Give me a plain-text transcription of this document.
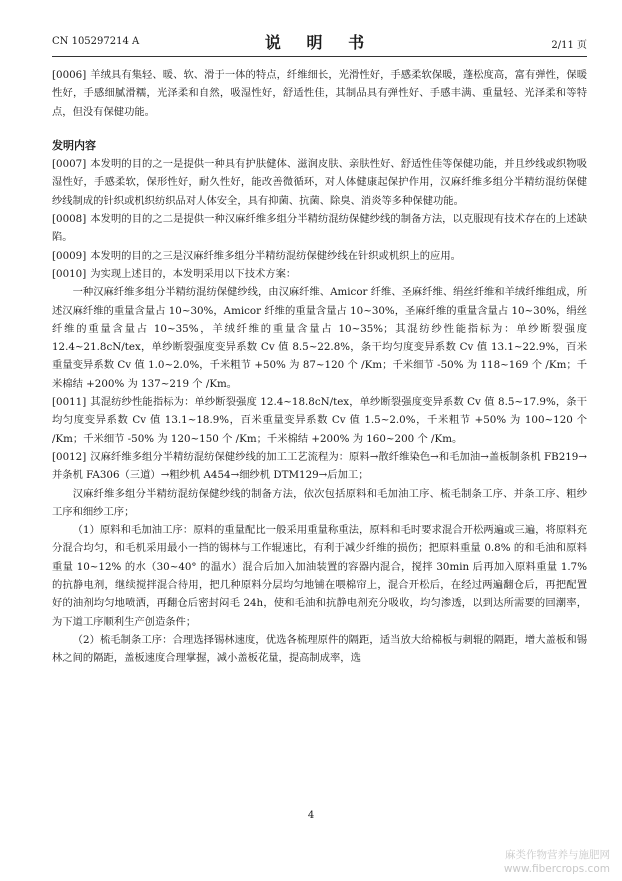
CN 105297214 A	说 明 书	2/11 页

[0006] 羊绒具有集轻、暖、软、滑于一体的特点，纤维细长，光滑性好，手感柔软保暖，蓬松度高，富有弹性，保暖性好，手感细腻滑糯，光泽柔和自然，吸湿性好，舒适性佳，其制品具有弹性好、手感丰满、重量轻、光泽柔和等特点，但没有保健功能。

发明内容

[0007] 本发明的目的之一是提供一种具有护肤健体、滋润皮肤、亲肤性好、舒适性佳等保健功能，并且纱线或织物吸湿性好，手感柔软，保形性好，耐久性好，能改善微循环，对人体健康起保护作用，汉麻纤维多组分半精纺混纺保健纱线制成的针织或机织纺织品对人体安全，具有抑菌、抗菌、除臭、消炎等多种保健功能。

[0008] 本发明的目的之二是提供一种汉麻纤维多组分半精纺混纺保健纱线的制备方法，以克服现有技术存在的上述缺陷。

[0009] 本发明的目的之三是汉麻纤维多组分半精纺混纺保健纱线在针织或机织上的应用。

[0010] 为实现上述目的，本发明采用以下技术方案：

一种汉麻纤维多组分半精纺混纺保健纱线，由汉麻纤维、Amicor 纤维、圣麻纤维、绢丝纤维和羊绒纤维组成，所述汉麻纤维的重量含量占 10~30%，Amicor 纤维的重量含量占 10~30%，圣麻纤维的重量含量占 10~30%，绢丝纤维的重量含量占 10~35%，羊绒纤维的重量含量占 10~35%；其混纺纱性能指标为：单纱断裂强度 12.4~21.8cN/tex，单纱断裂强度变异系数 Cv 值 8.5~22.8%，条干均匀度变异系数 Cv 值 13.1~22.9%，百米重量变异系数 Cv 值 1.0~2.0%，千米粗节 +50% 为 87~120 个 /Km；千米细节 -50% 为 118~169 个 /Km；千米棉结 +200% 为 137~219 个 /Km。

[0011] 其混纺纱性能指标为：单纱断裂强度 12.4~18.8cN/tex，单纱断裂强度变异系数 Cv 值 8.5~17.9%，条干均匀度变异系数 Cv 值 13.1~18.9%，百米重量变异系数 Cv 值 1.5~2.0%，千米粗节 +50% 为 100~120 个 /Km；千米细节 -50% 为 120~150 个 /Km；千米棉结 +200% 为 160~200 个 /Km。

[0012] 汉麻纤维多组分半精纺混纺保健纱线的加工工艺流程为：原料→散纤维染色→和毛加油→盖板制条机 FB219→并条机 FA306（三道）→粗纱机 A454→细纱机 DTM129→后加工；

汉麻纤维多组分半精纺混纺保健纱线的制备方法，依次包括原料和毛加油工序、梳毛制条工序、并条工序、粗纱工序和细纱工序；

（1）原料和毛加油工序：原料的重量配比一般采用重量称重法，原料和毛时要求混合开松两遍或三遍，将原料充分混合均匀，和毛机采用最小一挡的锡林与工作辊速比，有利于减少纤维的损伤；把原料重量 0.8% 的和毛油和原料重量 10~12% 的水（30~40° 的温水）混合后加入加油装置的容器内混合，搅拌 30min 后再加入原料重量 1.7% 的抗静电剂，继续搅拌混合待用，把几种原料分层均匀地铺在喂棉帘上，混合开松后，在经过两遍翻仓后，再把配置好的油剂均匀地喷洒，再翻仓后密封闷毛 24h，使和毛油和抗静电剂充分吸收，均匀渗透，以到达所需要的回潮率，为下道工序顺利生产创造条件；

（2）梳毛制条工序：合理选择锡林速度，优选各梳理原件的隔距，适当放大给棉板与刺辊的隔距，增大盖板和锡林之间的隔距，盖板速度合理掌握，减小盖板花量，提高制成率，选

4
麻类作物营养与施肥网
www.fibercrops.com
